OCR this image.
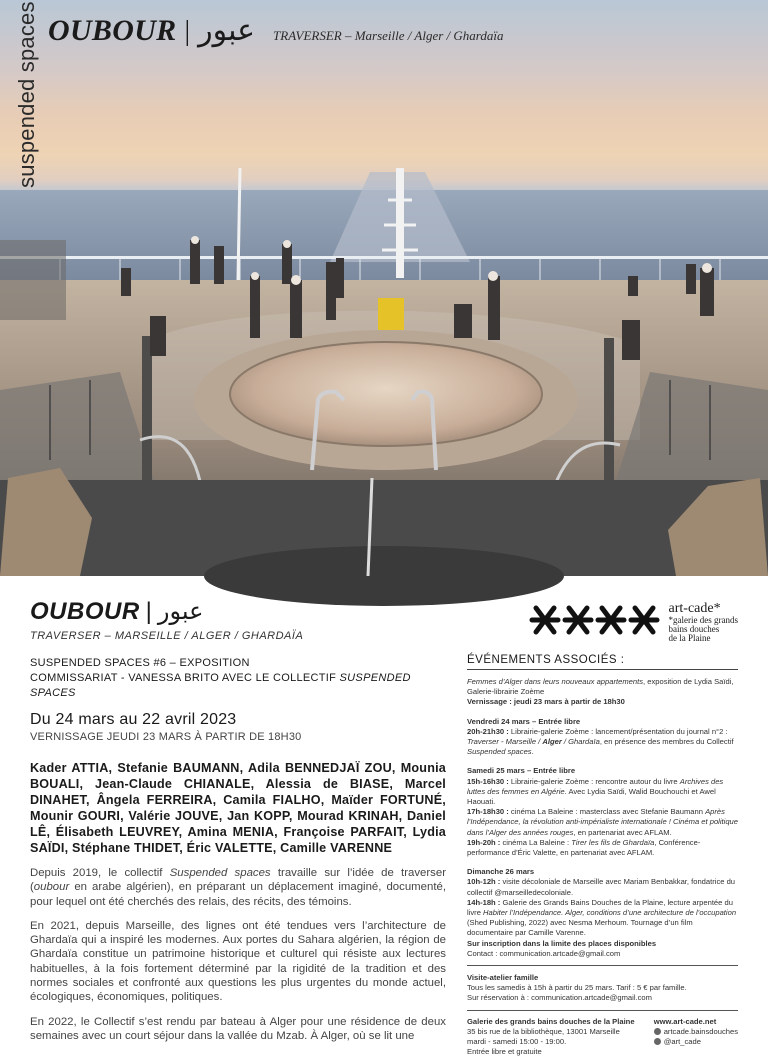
suspended spaces OUBOUR | عبور TRAVERSER – Marseille / Alger / Ghardaïa
OUBOUR | عبور
TRAVERSER – MARSEILLE / ALGER / GHARDAÏA
SUSPENDED SPACES #6 – EXPOSITION
COMMISSARIAT - VANESSA BRITO AVEC LE COLLECTIF SUSPENDED SPACES
Du 24 mars au 22 avril 2023
VERNISSAGE JEUDI 23 MARS À PARTIR DE 18H30
Kader ATTIA, Stefanie BAUMANN, Adila BENNEDJAÏ ZOU, Mounia BOUALI, Jean-Claude CHIANALE, Alessia de BIASE, Marcel DINAHET, Ângela FERREIRA, Camila FIALHO, Maïder FORTUNÉ, Mounir GOURI, Valérie JOUVE, Jan KOPP, Mourad KRINAH, Daniel LÊ, Élisabeth LEUVREY, Amina MENIA, Françoise PARFAIT, Lydia SAÏDI, Stéphane THIDET, Éric VALETTE, Camille VARENNE

Depuis 2019, le collectif Suspended spaces travaille sur l’idée de traverser (oubour en arabe algérien), en préparant un déplacement imaginé, documenté, pour lequel ont été cherchés des relais, des récits, des témoins.

En 2021, depuis Marseille, des lignes ont été tendues vers l’architecture de Ghardaïa qui a inspiré les modernes. Aux portes du Sahara algérien, la région de Ghardaïa constitue un patrimoine historique et culturel qui résiste aux lectures habituelles, à la fois fortement déterminé par la rigidité de la tradition et des normes sociales et confronté aux questions les plus urgentes du monde actuel, écologiques, économiques, politiques.

En 2022, le Collectif s’est rendu par bateau à Alger pour une résidence de deux semaines avec un court séjour dans la vallée du Mzab. À Alger, où se lit une

art-cade*
*galerie des grands
bains douches
de la Plaine
ÉVÉNEMENTS ASSOCIÉS :
Femmes d’Alger dans leurs nouveaux appartements, exposition de Lydia Saïdi, Galerie-librairie Zoème
Vernissage : jeudi 23 mars à partir de 18h30
Vendredi 24 mars – Entrée libre
20h-21h30 : Librairie-galerie Zoème : lancement/présentation du journal n°2 : Traverser - Marseille / Alger / Ghardaïa, en présence des membres du Collectif Suspended spaces.
Samedi 25 mars – Entrée libre
15h-16h30 : Librairie-galerie Zoème : rencontre autour du livre Archives des luttes des femmes en Algérie. Avec Lydia Saïdi, Walid Bouchouchi et Awel Haouati.
17h-18h30 : cinéma La Baleine : masterclass avec Stefanie Baumann Après l’Indépendance, la révolution anti-impérialiste internationale ! Cinéma et politique dans l’Alger des années rouges, en partenariat avec AFLAM.
19h-20h : cinéma La Baleine : Tirer les fils de Ghardaïa, Conférence-performance d’Éric Valette, en partenariat avec AFLAM.
Dimanche 26 mars
10h-12h : visite décoloniale de Marseille avec Mariam Benbakkar, fondatrice du collectif @marseilledecoloniale.
14h-18h : Galerie des Grands Bains Douches de la Plaine, lecture arpentée du livre Habiter l’Indépendance. Alger, conditions d’une architecture de l’occupation (Shed Publishing, 2022) avec Nesma Merhoum. Tournage d’un film documentaire par Camille Varenne.
Sur inscription dans la limite des places disponibles
Contact : communication.artcade@gmail.com
Visite-atelier famille
Tous les samedis à 15h à partir du 25 mars. Tarif : 5 € par famille.
Sur réservation à : communication.artcade@gmail.com
Galerie des grands bains douches de la Plaine
35 bis rue de la bibliothèque, 13001 Marseille
mardi - samedi 15:00 - 19:00.
Entrée libre et gratuite
www.art-cade.net
artcade.bainsdouches
@art_cade
